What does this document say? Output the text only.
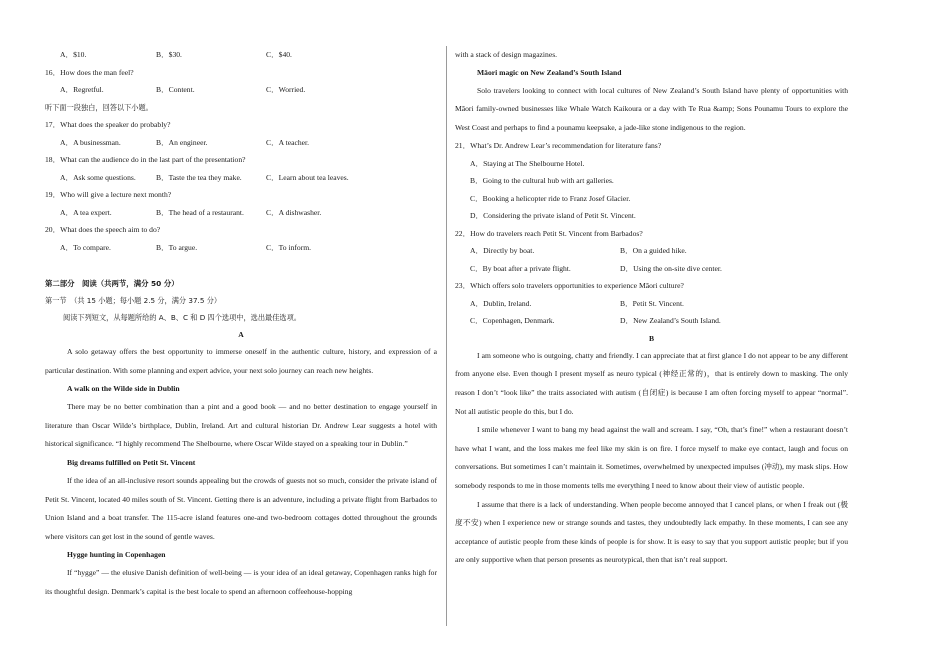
A．$10.	B．$30.	C．$40.
16．How does the man feel?
A．Regretful.	B．Content.	C．Worried.
听下面一段独白，回答以下小题。
17．What does the speaker do probably?
A．A businessman.	B．An engineer.	C．A teacher.
18．What can the audience do in the last part of the presentation?
A．Ask some questions.	B．Taste the tea they make.	C．Learn about tea leaves.
19．Who will give a lecture next month?
A．A tea expert.	B．The head of a restaurant.	C．A dishwasher.
20．What does the speech aim to do?
A．To compare.	B．To argue.	C．To inform.
第二部分　阅读（共两节，满分 50 分）
第一节　（共 15 小题；每小题 2.5 分，满分 37.5 分）
阅读下列短文，从每题所给的 A、B、C 和 D 四个选项中，选出最佳选项。
A

A solo getaway offers the best opportunity to immerse oneself in the authentic culture, history, and expression of a particular destination. With some planning and expert advice, your next solo journey can reach new heights.

A walk on the Wilde side in Dublin

There may be no better combination than a pint and a good book — and no better destination to engage yourself in literature than Oscar Wilde’s birthplace, Dublin, Ireland. Art and cultural historian Dr. Andrew Lear suggests a hotel with historical significance. “I highly recommend The Shelbourne, where Oscar Wilde stayed on a speaking tour in Dublin.”

Big dreams fulfilled on Petit St. Vincent

If the idea of an all-inclusive resort sounds appealing but the crowds of guests not so much, consider the private island of Petit St. Vincent, located 40 miles south of St. Vincent. Getting there is an adventure, including a private flight from Barbados to Union Island and a boat transfer. The 115-acre island features one-and two-bedroom cottages dotted throughout the grounds where visitors can get lost in the sound of gentle waves.

Hygge hunting in Copenhagen

If “hygge” — the elusive Danish definition of well-being — is your idea of an ideal getaway, Copenhagen ranks high for its thoughtful design. Denmark’s capital is the best locale to spend an afternoon coffeehouse-hopping

with a stack of design magazines.
Māori magic on New Zealand’s South Island

Solo travelers looking to connect with local cultures of New Zealand’s South Island have plenty of opportunities with Māori family-owned businesses like Whale Watch Kaikoura or a day with Te Rua &amp; Sons Pounamu Tours to explore the West Coast and perhaps to find a pounamu keepsake, a jade-like stone indigenous to the region.

21．What’s Dr. Andrew Lear’s recommendation for literature fans?
A．Staying at The Shelbourne Hotel.
B．Going to the cultural hub with art galleries.
C．Booking a helicopter ride to Franz Josef Glacier.
D．Considering the private island of Petit St. Vincent.
22．How do travelers reach Petit St. Vincent from Barbados?
A．Directly by boat.	B．On a guided hike.
C．By boat after a private flight.	D．Using the on-site dive center.
23．Which offers solo travelers opportunities to experience Māori culture?
A．Dublin, Ireland.	B．Petit St. Vincent.
C．Copenhagen, Denmark.	D．New Zealand’s South Island.
B

I am someone who is outgoing, chatty and friendly. I can appreciate that at first glance I do not appear to be any different from anyone else. Even though I present myself as neuro typical (神经正常的)，that is entirely down to masking. The only reason I don’t “look like” the traits associated with autism (自闭症) is because I am often forcing myself to appear “normal”. Not all autistic people do this, but I do.

I smile whenever I want to bang my head against the wall and scream. I say, “Oh, that’s fine!” when a restaurant doesn’t have what I want, and the loss makes me feel like my skin is on fire. I force myself to make eye contact, laugh and focus on conversations. But sometimes I can’t maintain it. Sometimes, overwhelmed by unexpected impulses (冲动), my mask slips. How somebody responds to me in those moments tells me everything I need to know about their view of autistic people.

I assume that there is a lack of understanding. When people become annoyed that I cancel plans, or when I freak out (极度不安) when I experience new or strange sounds and tastes, they undoubtedly lack empathy. In these moments, I can see any acceptance of autistic people from these kinds of people is for show. It is easy to say that you support autistic people; but if you are only supportive when that person presents as neurotypical, then that isn’t real support.
